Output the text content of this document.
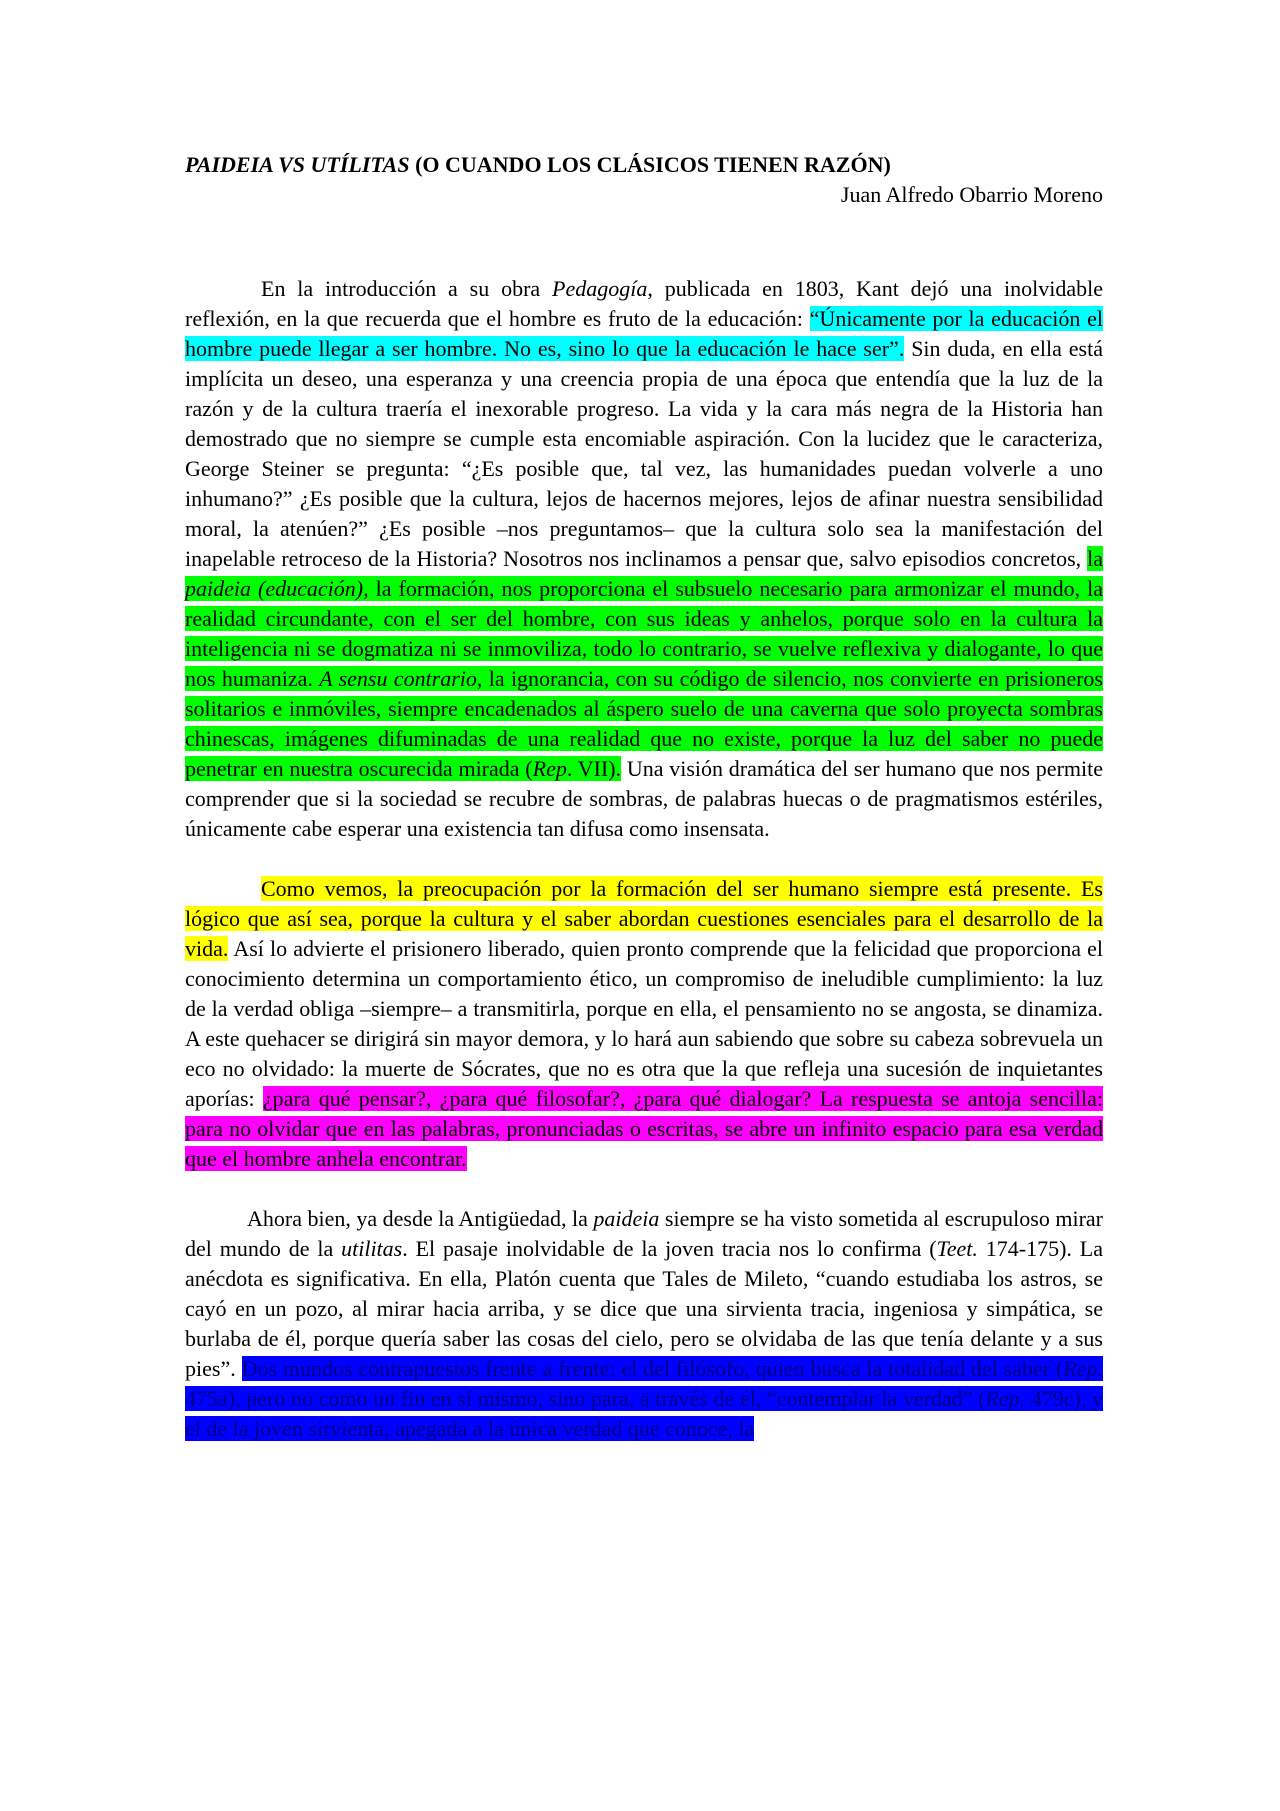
PAIDEIA VS UTÍLITAS (O CUANDO LOS CLÁSICOS TIENEN RAZÓN)

Juan Alfredo Obarrio Moreno

En la introducción a su obra Pedagogía, publicada en 1803, Kant dejó una inolvidable reflexión, en la que recuerda que el hombre es fruto de la educación: “Únicamente por la educación el hombre puede llegar a ser hombre. No es, sino lo que la educación le hace ser”. Sin duda, en ella está implícita un deseo, una esperanza y una creencia propia de una época que entendía que la luz de la razón y de la cultura traería el inexorable progreso. La vida y la cara más negra de la Historia han demostrado que no siempre se cumple esta encomiable aspiración. Con la lucidez que le caracteriza, George Steiner se pregunta: “¿Es posible que, tal vez, las humanidades puedan volverle a uno inhumano?” ¿Es posible que la cultura, lejos de hacernos mejores, lejos de afinar nuestra sensibilidad moral, la atenúen?” ¿Es posible –nos preguntamos– que la cultura solo sea la manifestación del inapelable retroceso de la Historia? Nosotros nos inclinamos a pensar que, salvo episodios concretos, la paideia (educación), la formación, nos proporciona el subsuelo necesario para armonizar el mundo, la realidad circundante, con el ser del hombre, con sus ideas y anhelos, porque solo en la cultura la inteligencia ni se dogmatiza ni se inmoviliza, todo lo contrario, se vuelve reflexiva y dialogante, lo que nos humaniza. A sensu contrario, la ignorancia, con su código de silencio, nos convierte en prisioneros solitarios e inmóviles, siempre encadenados al áspero suelo de una caverna que solo proyecta sombras chinescas, imágenes difuminadas de una realidad que no existe, porque la luz del saber no puede penetrar en nuestra oscurecida mirada (Rep. VII). Una visión dramática del ser humano que nos permite comprender que si la sociedad se recubre de sombras, de palabras huecas o de pragmatismos estériles, únicamente cabe esperar una existencia tan difusa como insensata.

Como vemos, la preocupación por la formación del ser humano siempre está presente. Es lógico que así sea, porque la cultura y el saber abordan cuestiones esenciales para el desarrollo de la vida. Así lo advierte el prisionero liberado, quien pronto comprende que la felicidad que proporciona el conocimiento determina un comportamiento ético, un compromiso de ineludible cumplimiento: la luz de la verdad obliga –siempre– a transmitirla, porque en ella, el pensamiento no se angosta, se dinamiza. A este quehacer se dirigirá sin mayor demora, y lo hará aun sabiendo que sobre su cabeza sobrevuela un eco no olvidado: la muerte de Sócrates, que no es otra que la que refleja una sucesión de inquietantes aporías: ¿para qué pensar?, ¿para qué filosofar?, ¿para qué dialogar? La respuesta se antoja sencilla: para no olvidar que en las palabras, pronunciadas o escritas, se abre un infinito espacio para esa verdad que el hombre anhela encontrar.

Ahora bien, ya desde la Antigüedad, la paideia siempre se ha visto sometida al escrupuloso mirar del mundo de la utilitas. El pasaje inolvidable de la joven tracia nos lo confirma (Teet. 174-175). La anécdota es significativa. En ella, Platón cuenta que Tales de Mileto, “cuando estudiaba los astros, se cayó en un pozo, al mirar hacia arriba, y se dice que una sirvienta tracia, ingeniosa y simpática, se burlaba de él, porque quería saber las cosas del cielo, pero se olvidaba de las que tenía delante y a sus pies”. Dos mundos contrapuestos frente a frente: el del filósofo, quien busca la totalidad del saber (Rep. 475a), pero no como un fin en sí mismo, sino para, a través de él, “contemplar la verdad” (Rep. 479c), y el de la joven sirvienta, apegada a la única verdad que conoce, la
